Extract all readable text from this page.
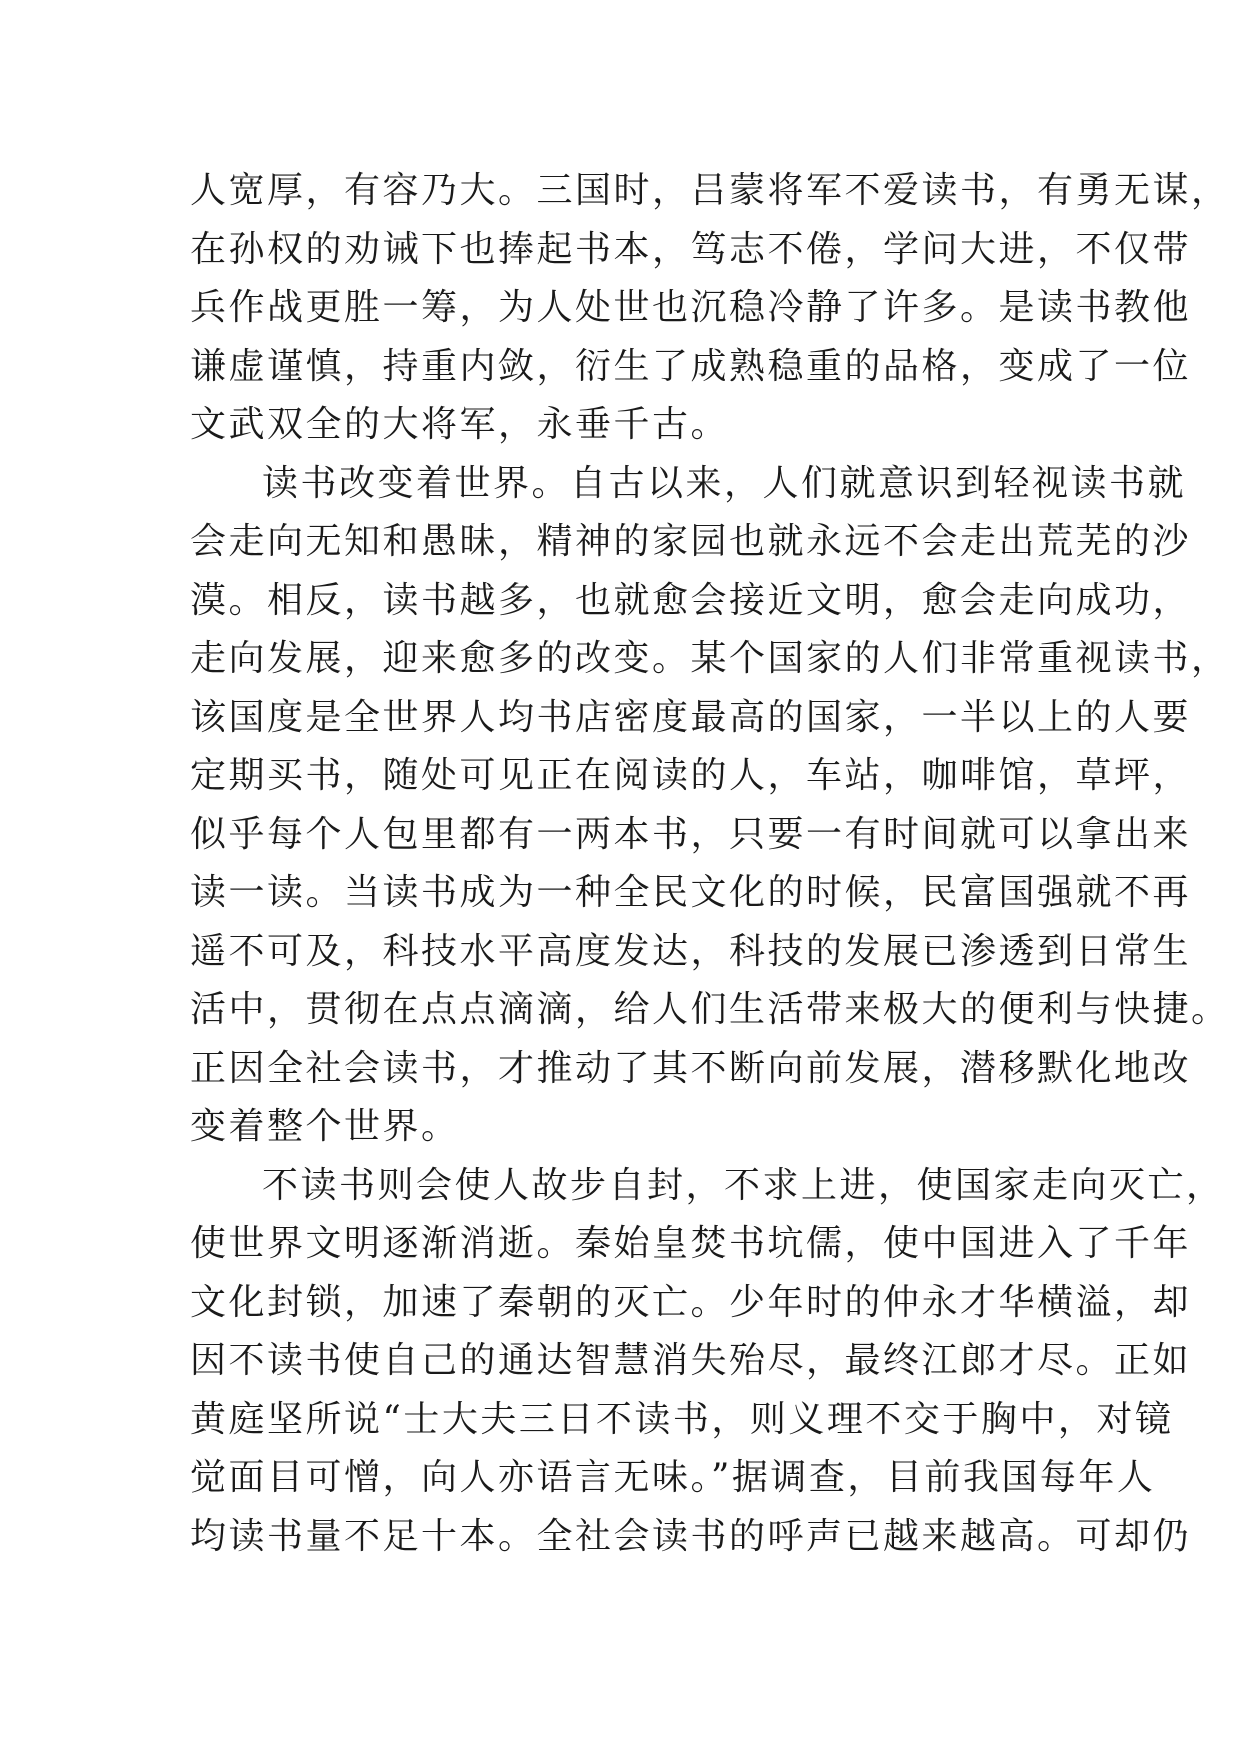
人宽厚，有容乃大。三国时，吕蒙将军不爱读书，有勇无谋，
在孙权的劝诫下也捧起书本，笃志不倦，学问大进，不仅带
兵作战更胜一筹，为人处世也沉稳冷静了许多。是读书教他
谦虚谨慎，持重内敛，衍生了成熟稳重的品格，变成了一位
文武双全的大将军，永垂千古。
读书改变着世界。自古以来，人们就意识到轻视读书就
会走向无知和愚昧，精神的家园也就永远不会走出荒芜的沙
漠。相反，读书越多，也就愈会接近文明，愈会走向成功，
走向发展，迎来愈多的改变。某个国家的人们非常重视读书，
该国度是全世界人均书店密度最高的国家，一半以上的人要
定期买书，随处可见正在阅读的人，车站，咖啡馆，草坪，
似乎每个人包里都有一两本书，只要一有时间就可以拿出来
读一读。当读书成为一种全民文化的时候，民富国强就不再
遥不可及，科技水平高度发达，科技的发展已渗透到日常生
活中，贯彻在点点滴滴，给人们生活带来极大的便利与快捷。
正因全社会读书，才推动了其不断向前发展，潜移默化地改
变着整个世界。
不读书则会使人故步自封，不求上进，使国家走向灭亡，
使世界文明逐渐消逝。秦始皇焚书坑儒，使中国进入了千年
文化封锁，加速了秦朝的灭亡。少年时的仲永才华横溢，却
因不读书使自己的通达智慧消失殆尽，最终江郎才尽。正如
黄庭坚所说“士大夫三日不读书，则义理不交于胸中，对镜
觉面目可憎，向人亦语言无味。”据调查，目前我国每年人
均读书量不足十本。全社会读书的呼声已越来越高。可却仍
